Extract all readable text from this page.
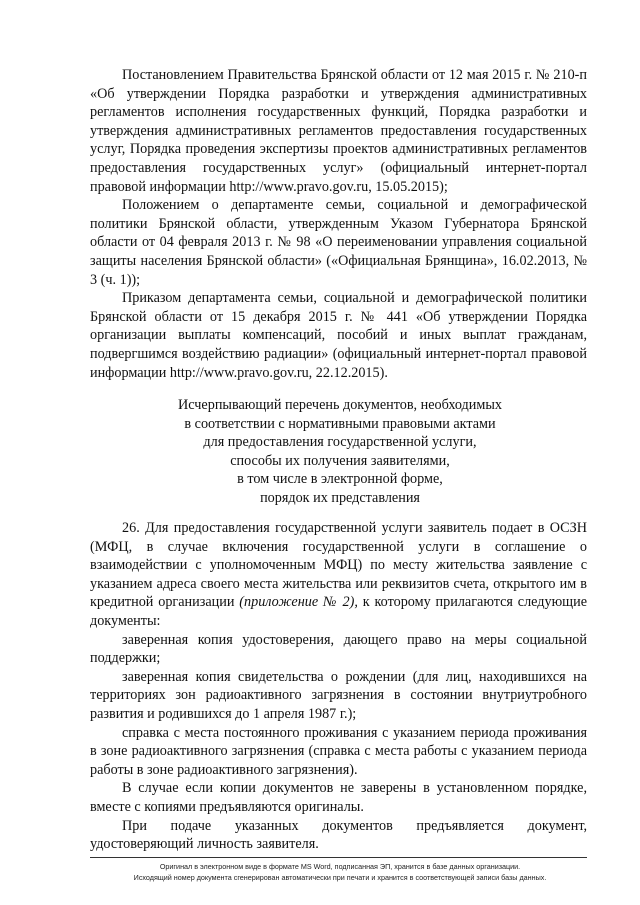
Постановлением Правительства Брянской области от 12 мая 2015 г. № 210-п «Об утверждении Порядка разработки и утверждения административных регламентов исполнения государственных функций, Порядка разработки и утверждения административных регламентов предоставления государственных услуг, Порядка проведения экспертизы проектов административных регламентов предоставления государственных услуг» (официальный интернет-портал правовой информации http://www.pravo.gov.ru, 15.05.2015);

Положением о департаменте семьи, социальной и демографической политики Брянской области, утвержденным Указом Губернатора Брянской области от 04 февраля 2013 г. № 98 «О переименовании управления социальной защиты населения Брянской области» («Официальная Брянщина», 16.02.2013, № 3 (ч. 1));

Приказом департамента семьи, социальной и демографической политики Брянской области от 15 декабря 2015 г. № 441 «Об утверждении Порядка организации выплаты компенсаций, пособий и иных выплат гражданам, подвергшимся воздействию радиации» (официальный интернет-портал правовой информации http://www.pravo.gov.ru, 22.12.2015).

Исчерпывающий перечень документов, необходимых
в соответствии с нормативными правовыми актами
для предоставления государственной услуги,
способы их получения заявителями,
в том числе в электронной форме,
порядок их представления

26. Для предоставления государственной услуги заявитель подает в ОСЗН (МФЦ, в случае включения государственной услуги в соглашение о взаимодействии с уполномоченным МФЦ) по месту жительства заявление с указанием адреса своего места жительства или реквизитов счета, открытого им в кредитной организации (приложение № 2), к которому прилагаются следующие документы:

заверенная копия удостоверения, дающего право на меры социальной поддержки;

заверенная копия свидетельства о рождении (для лиц, находившихся на территориях зон радиоактивного загрязнения в состоянии внутриутробного развития и родившихся до 1 апреля 1987 г.);

справка с места постоянного проживания с указанием периода проживания в зоне радиоактивного загрязнения (справка с места работы с указанием периода работы в зоне радиоактивного загрязнения).

В случае если копии документов не заверены в установленном порядке, вместе с копиями предъявляются оригиналы.

При подаче указанных документов предъявляется документ, удостоверяющий личность заявителя.

Оригинал в электронном виде в формате MS Word, подписанная ЭП, хранится в базе данных организации.
Исходящий номер документа сгенерирован автоматически при печати и хранится в соответствующей записи базы данных.
